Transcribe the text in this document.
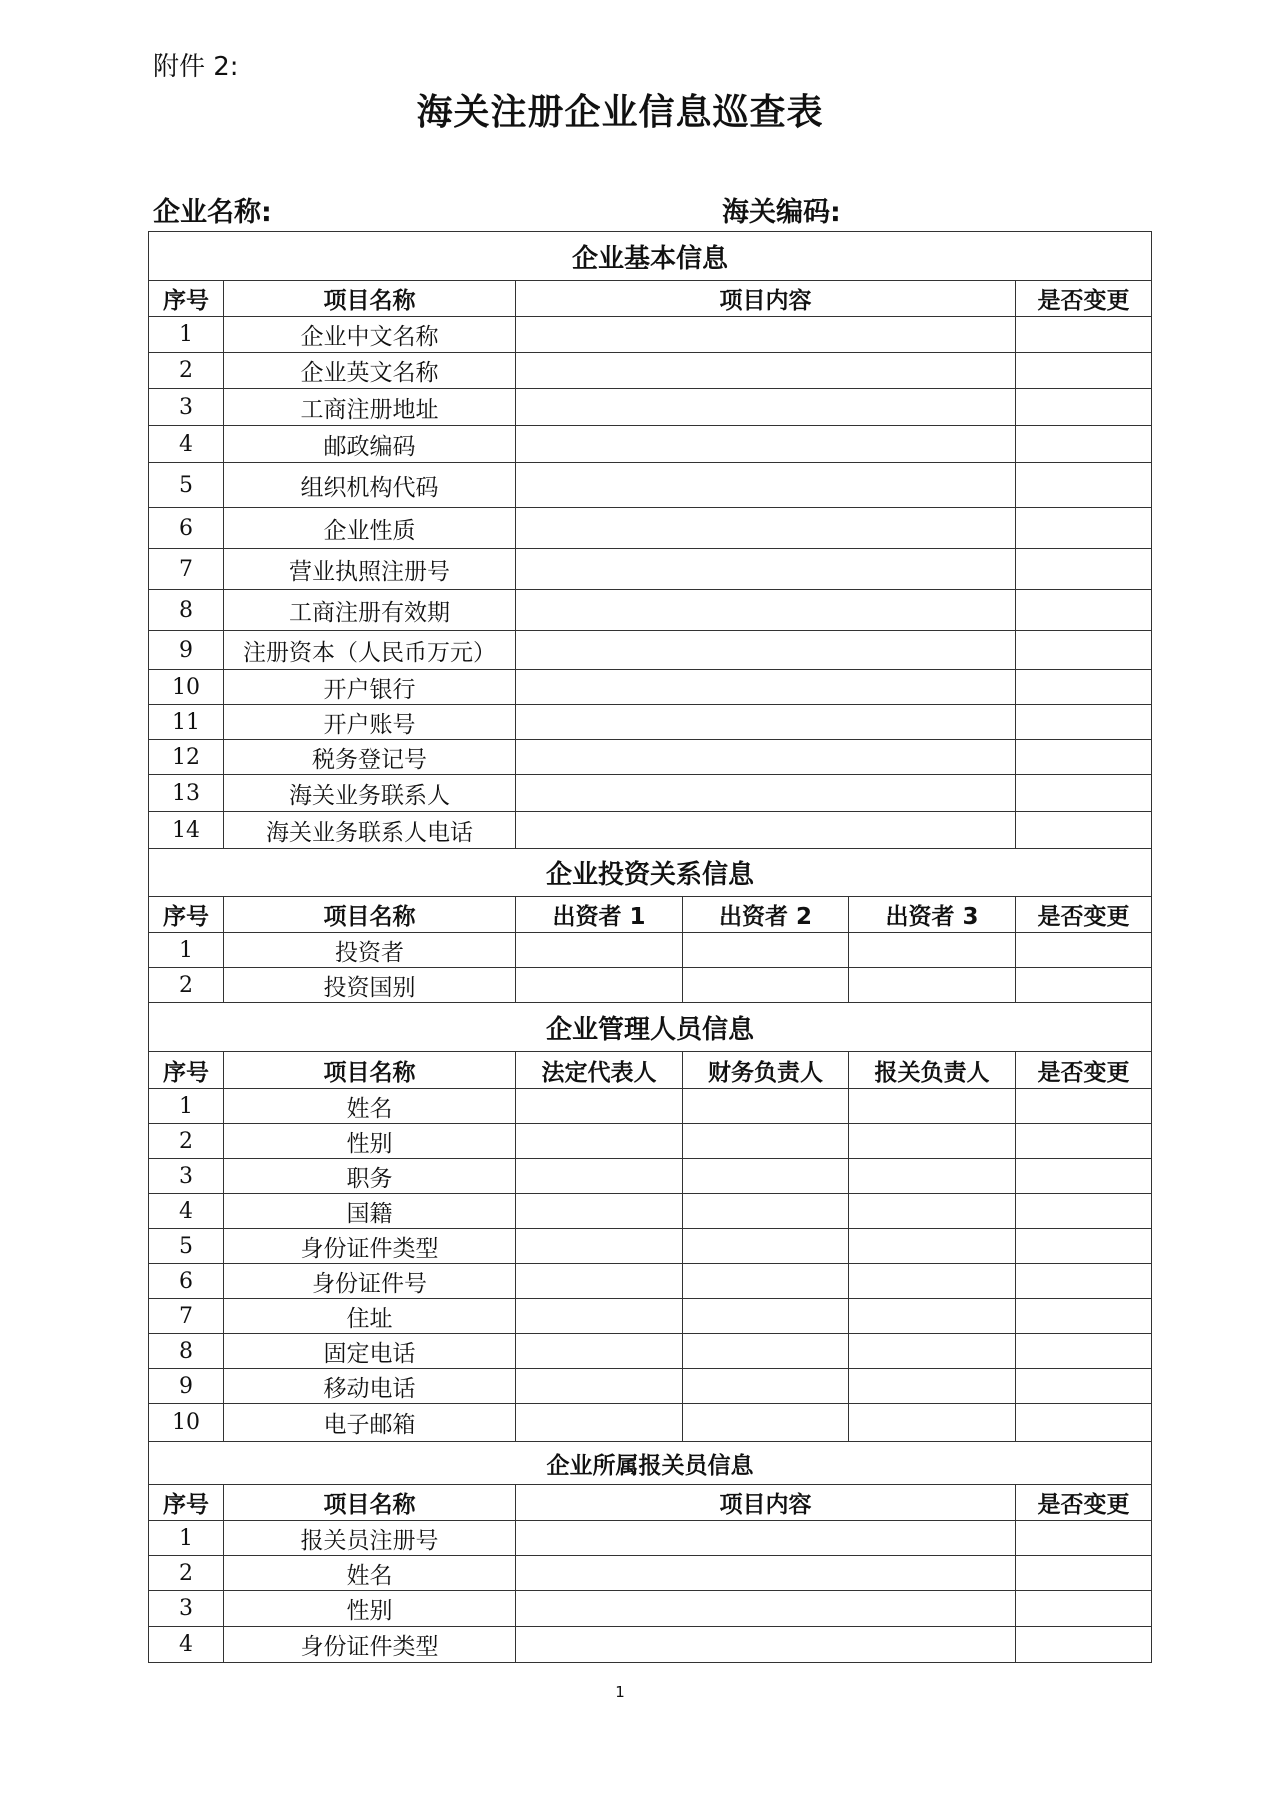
附件 2:
海关注册企业信息巡查表
企业名称:	海关编码:
企业基本信息					
序号	项目名称	项目内容			是否变更
1	企业中文名称				
2	企业英文名称				
3	工商注册地址				
4	邮政编码				
5	组织机构代码				
6	企业性质				
7	营业执照注册号				
8	工商注册有效期				
9	注册资本（人民币万元）				
10	开户银行				
11	开户账号				
12	税务登记号				
13	海关业务联系人				
14	海关业务联系人电话				
企业投资关系信息					
序号	项目名称	出资者 1	出资者 2	出资者 3	是否变更
1	投资者				
2	投资国别				
企业管理人员信息					
序号	项目名称	法定代表人	财务负责人	报关负责人	是否变更
1	姓名				
2	性别				
3	职务				
4	国籍				
5	身份证件类型				
6	身份证件号				
7	住址				
8	固定电话				
9	移动电话				
10	电子邮箱				
企业所属报关员信息					
序号	项目名称	项目内容			是否变更
1	报关员注册号				
2	姓名				
3	性别				
4	身份证件类型				
1
